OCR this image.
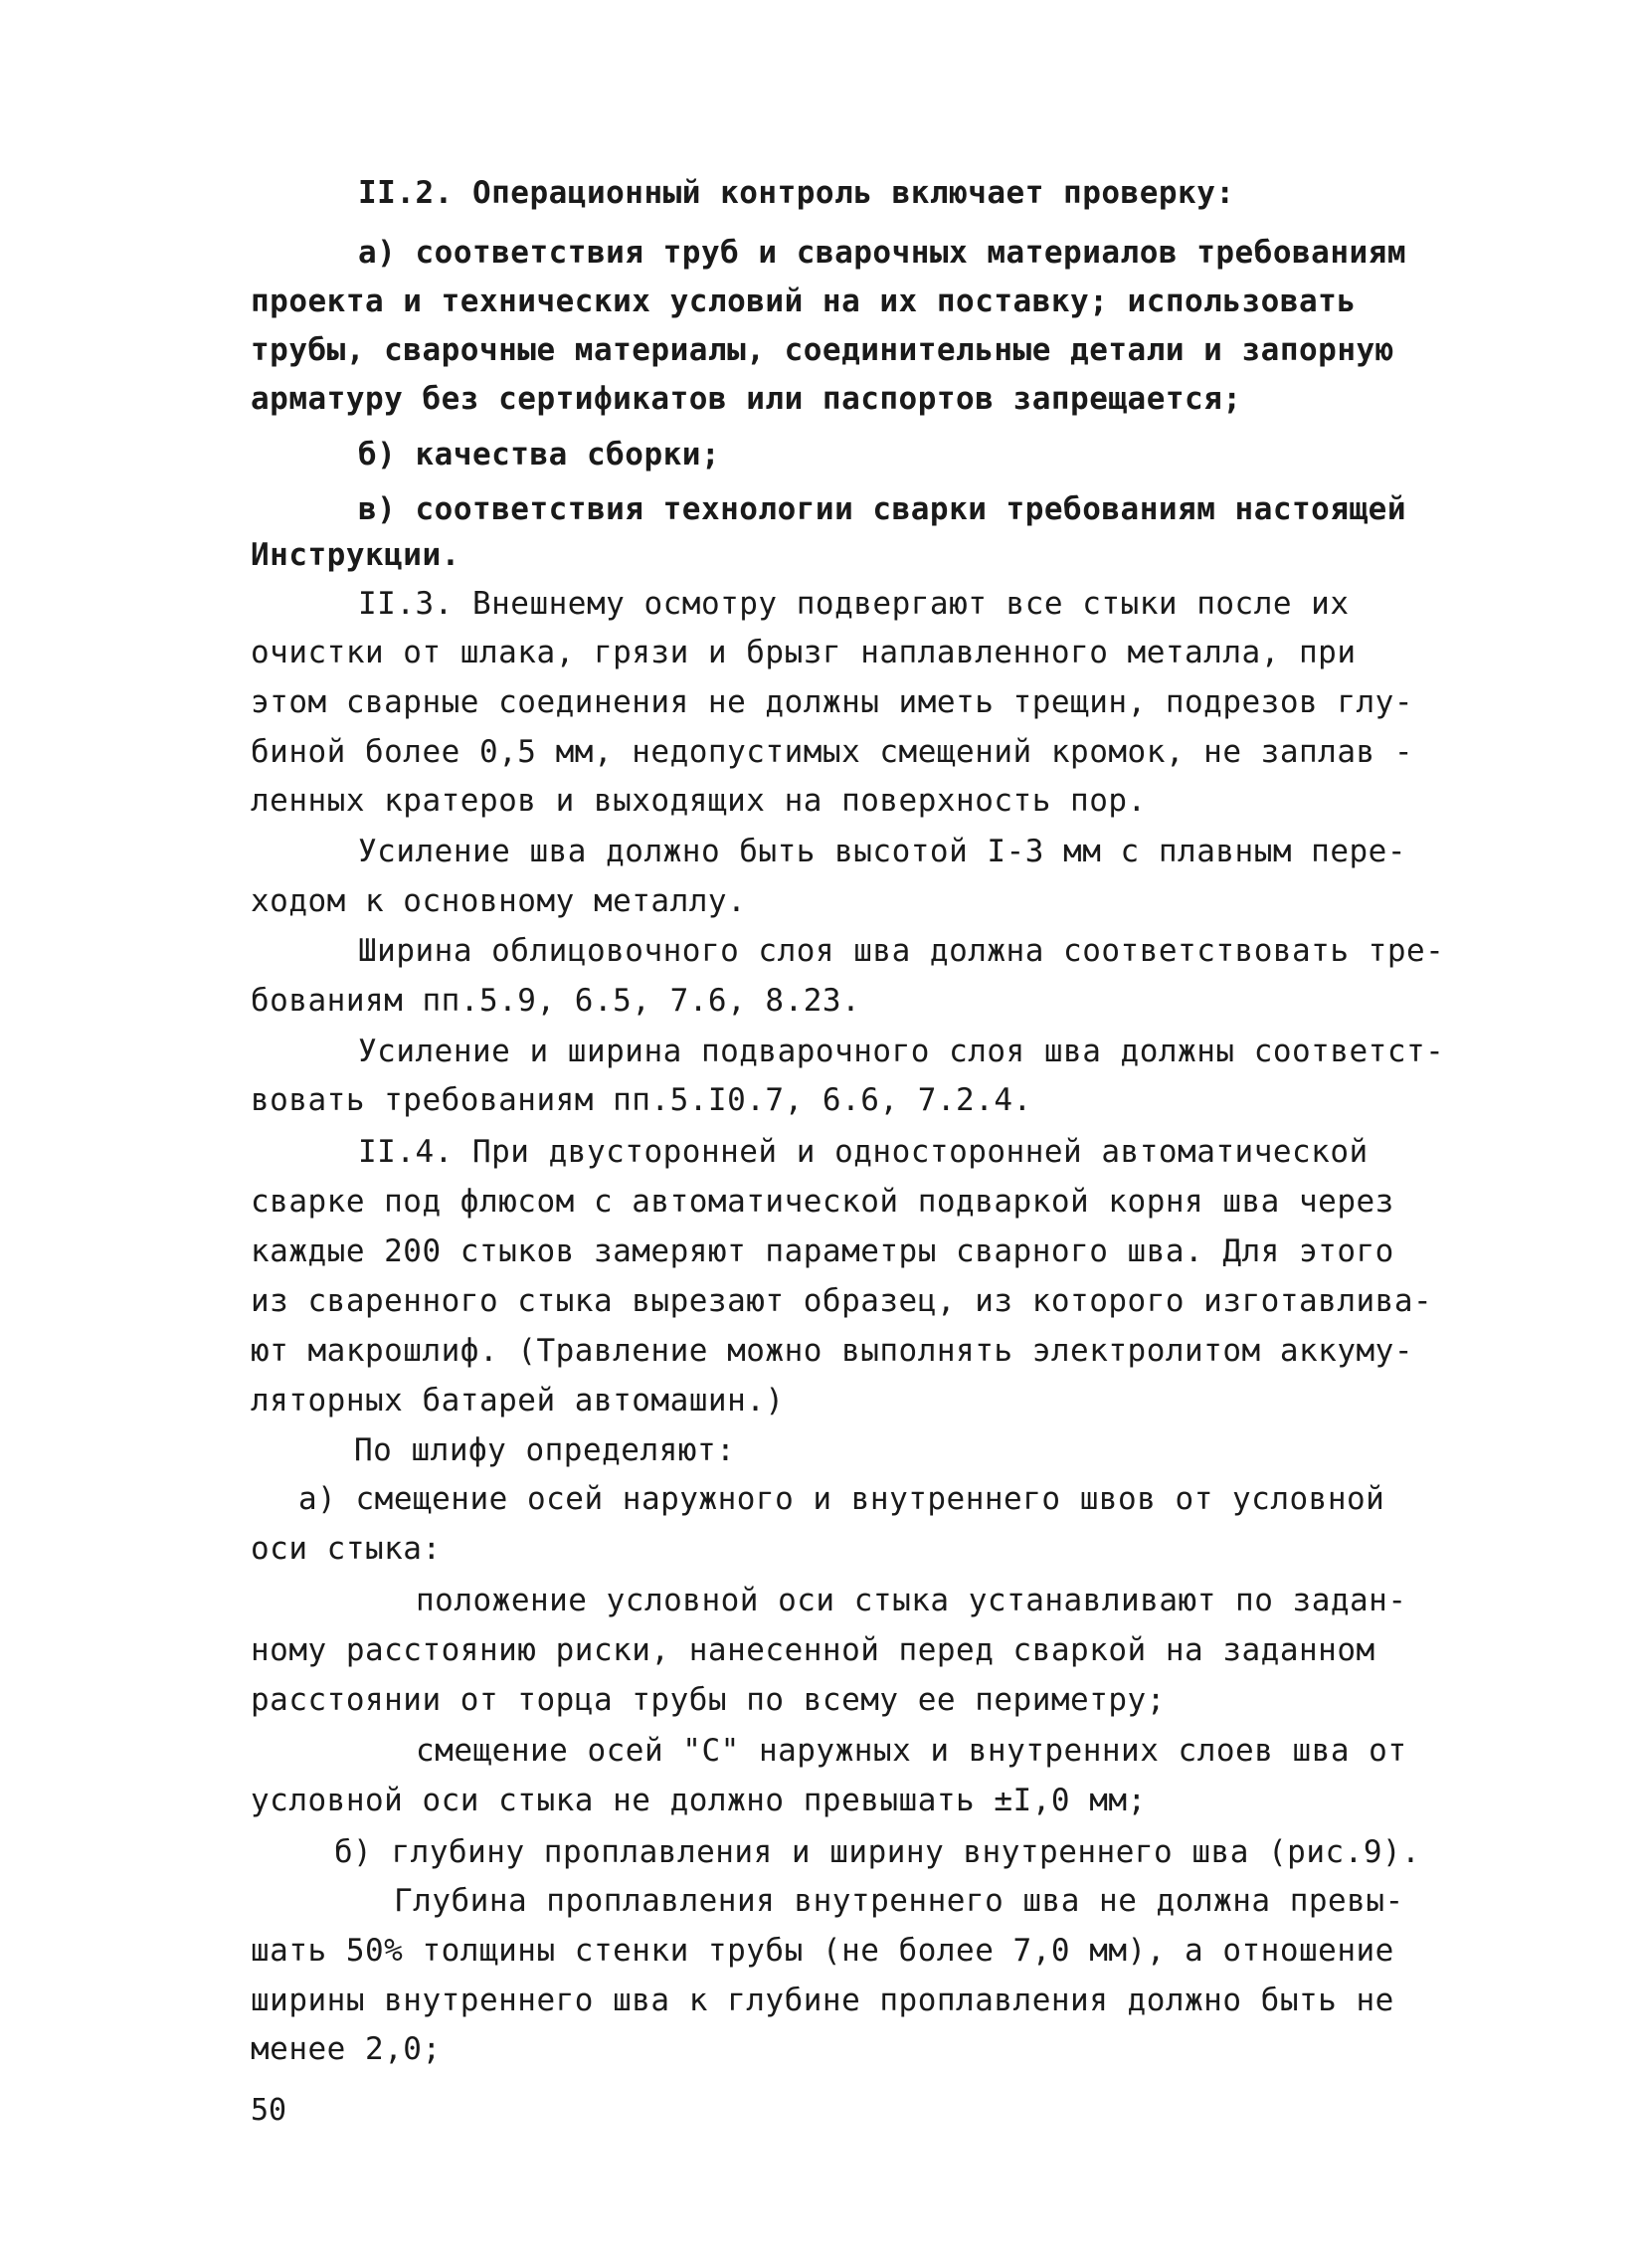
II.2. Операционный контроль включает проверку:
а) соответствия труб и сварочных материалов требованиям
проекта и технических условий на их поставку; использовать
трубы, сварочные материалы, соединительные детали и запорную
арматуру без сертификатов или паспортов запрещается;
б) качества сборки;
в) соответствия технологии сварки требованиям настоящей
Инструкции.
II.3. Внешнему осмотру подвергают все стыки после их
очистки от шлака, грязи и брызг наплавленного металла, при
этом сварные соединения не должны иметь трещин, подрезов глу-
биной более 0,5 мм, недопустимых смещений кромок, не заплав -
ленных кратеров и выходящих на поверхность пор.
Усиление шва должно быть высотой I-3 мм с плавным пере-
ходом к основному металлу.
Ширина облицовочного слоя шва должна соответствовать тре-
бованиям пп.5.9, 6.5, 7.6, 8.23.
Усиление и ширина подварочного слоя шва должны соответст-
вовать требованиям пп.5.I0.7, 6.6, 7.2.4.
II.4. При двусторонней и односторонней автоматической
сварке под флюсом с автоматической подваркой корня шва через
каждые 200 стыков замеряют параметры сварного шва. Для этого
из сваренного стыка вырезают образец, из которого изготавлива-
ют макрошлиф. (Травление можно выполнять электролитом аккуму-
ляторных батарей автомашин.)
По шлифу определяют:
а) смещение осей наружного и внутреннего швов от условной
оси стыка:
положение условной оси стыка устанавливают по задан-
ному расстоянию риски, нанесенной перед сваркой на заданном
расстоянии от торца трубы по всему ее периметру;
смещение осей "С" наружных и внутренних слоев шва от
условной оси стыка не должно превышать ±I,0 мм;
б) глубину проплавления и ширину внутреннего шва (рис.9).
Глубина проплавления внутреннего шва не должна превы-
шать 50% толщины стенки трубы (не более 7,0 мм), а отношение
ширины внутреннего шва к глубине проплавления должно быть не
менее 2,0;
50
